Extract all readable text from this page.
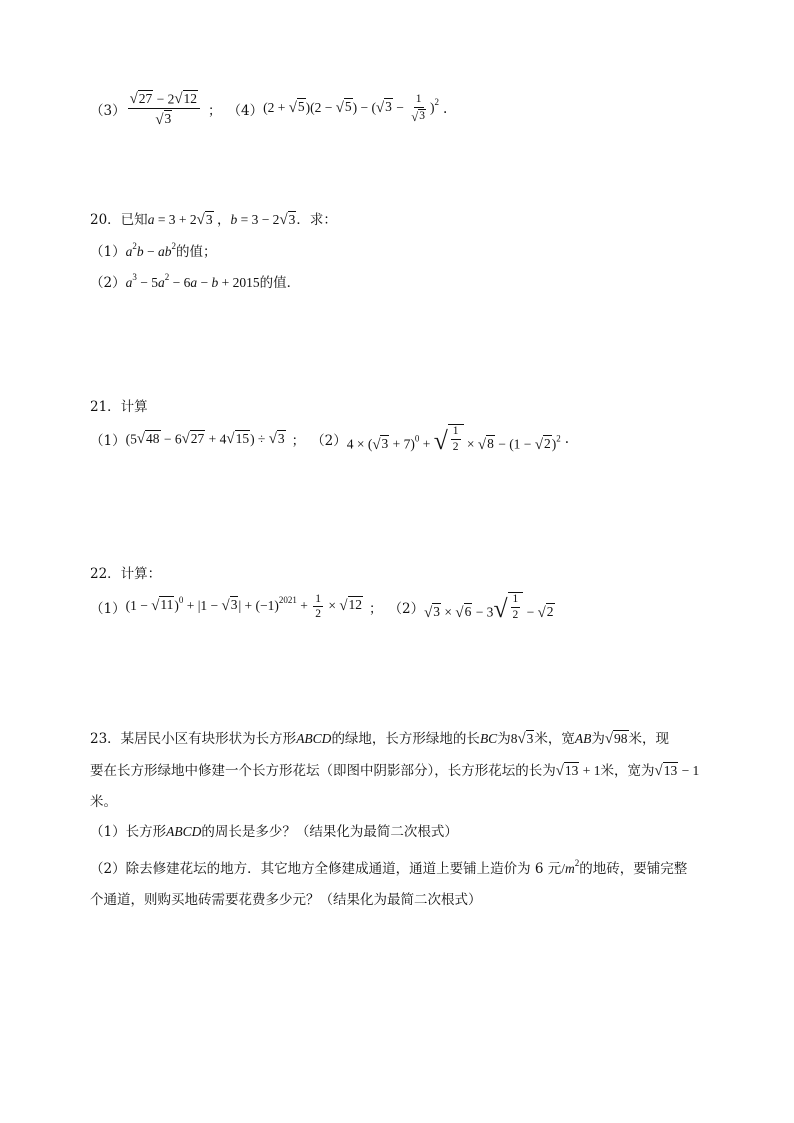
$(3) \frac{√ 27 - 2 √ 12}{√ 3}$ ； （4） (2 + √ 5 )(2 − √ 5 ) − ( √ $3 - \frac{1}{√ 3} )^2$ .
20．已知 a = 3 + 2 √ 3 ，b = 3 − 2 √ 3 ．求：
（1） $a^2b - ab^2$ 的值；
（2） $a^3 - 5a^2 - 6a - b + 2015$ 的值．
21．计算
（1） (5 √ 48 − 6 √ 27 + 4 √ 15 ) ÷ √ 3 ； （2） 4 × ( √ 3 + 7)$^0$ + √ $\frac{1}{2}$ × √ 8 − (1 − √ 2 )$^2$ .
22．计算：
（1） (1 − √ 11 )$^0$ + |1 − √ 3 | + $(-1)^{2021} + \frac{1}{2}$ × √ 12 ； （2） √ 3 × √ 6 − 3 √ $\frac{1}{2}$ − √ 2
23．某居民小区有块形状为长方形ABCD的绿地，长方形绿地的长BC为8 √ 3 米，宽AB为 √ 98 米，现
要在长方形绿地中修建一个长方形花坛（即图中阴影部分），长方形花坛的长为 √ 13 + 1米，宽为 √ 13 − 1
米。
（1）长方形ABCD的周长是多少？（结果化为最简二次根式）
（2）除去修建花坛的地方．其它地方全修建成通道，通道上要铺上造价为 6 元$/m^2$的地砖，要铺完整
个通道，则购买地砖需要花费多少元？（结果化为最简二次根式）
